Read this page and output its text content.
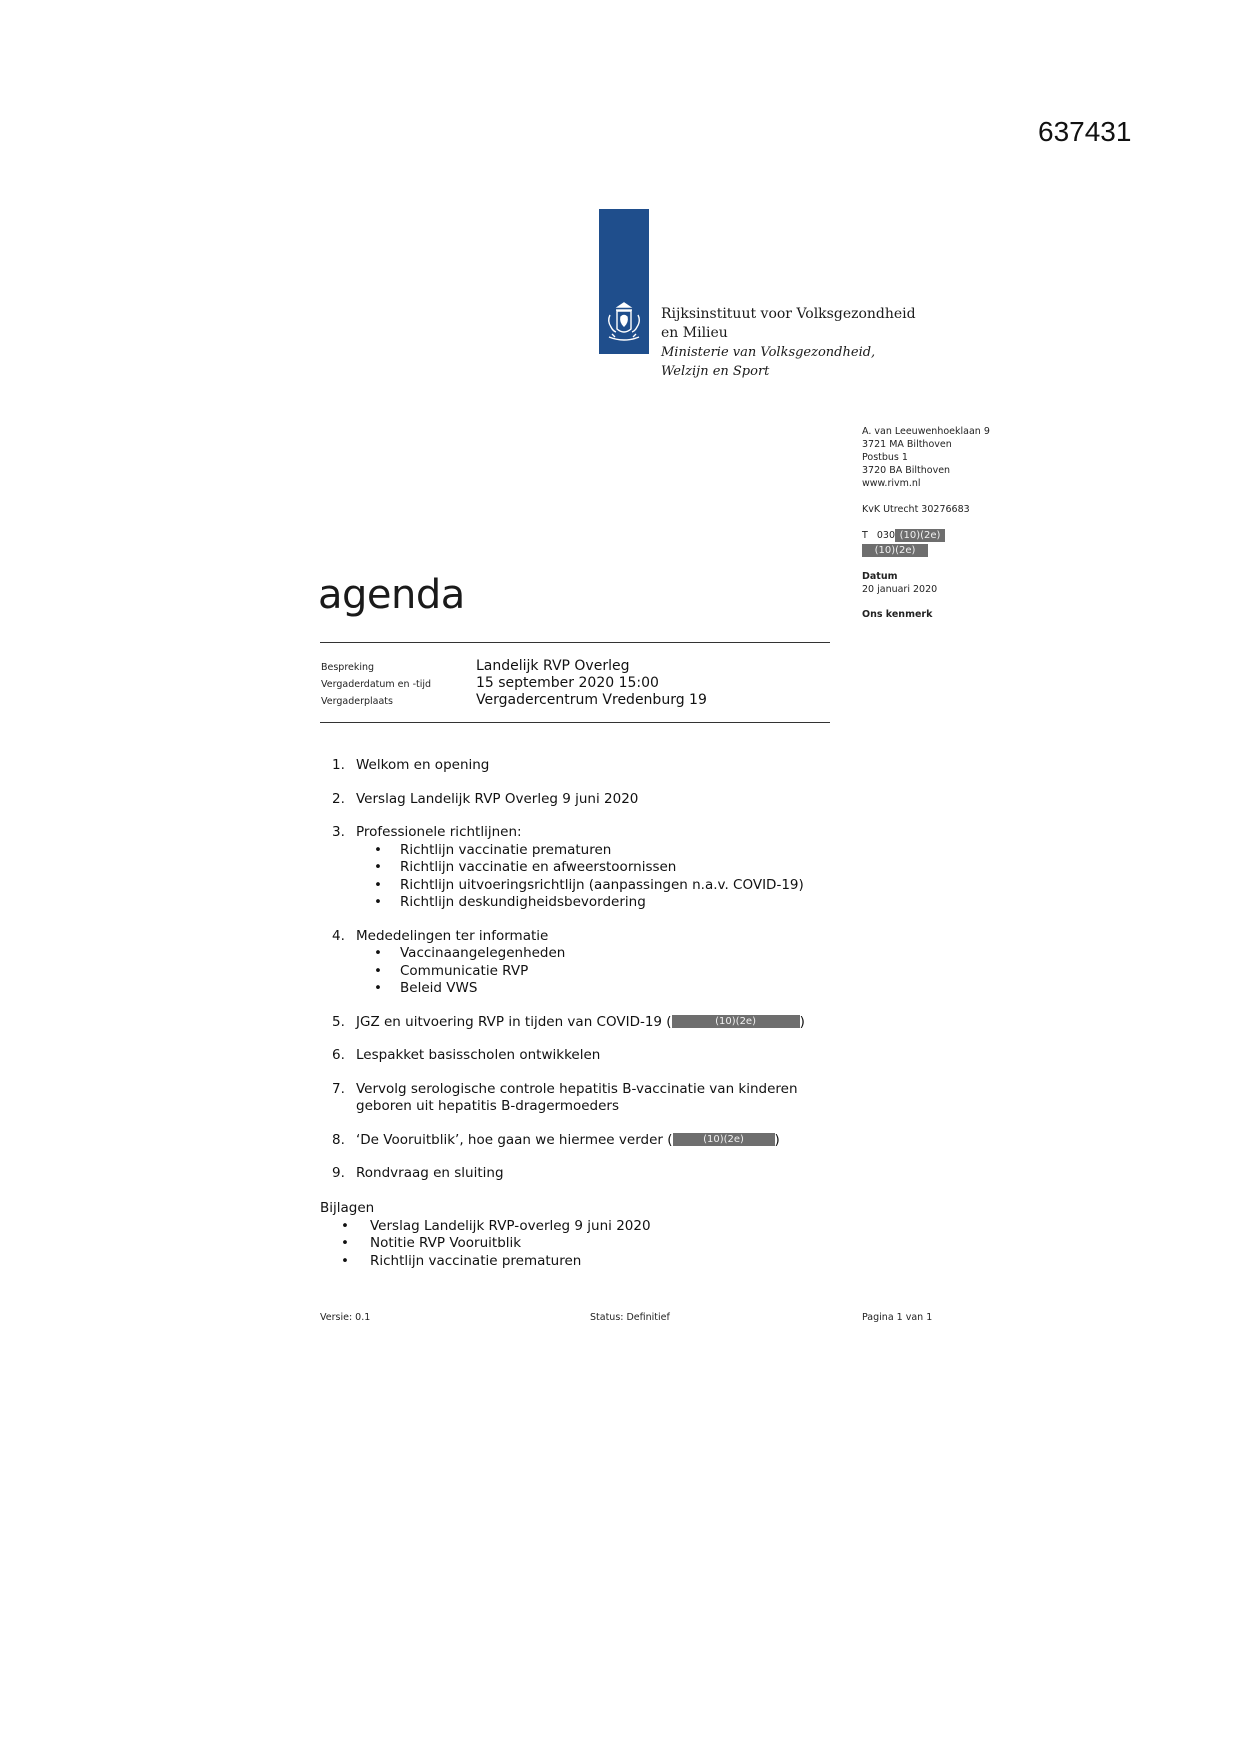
637431
Rijksinstituut voor Volksgezondheid
en Milieu
Ministerie van Volksgezondheid,
Welzijn en Sport
A. van Leeuwenhoeklaan 9
3721 MA Bilthoven
Postbus 1
3720 BA Bilthoven
www.rivm.nl
KvK Utrecht 30276683
T   030 (10)(2e)
(10)(2e)
Datum
20 januari 2020
Ons kenmerk
agenda
Bespreking	Landelijk RVP Overleg
Vergaderdatum en -tijd	15 september 2020 15:00
Vergaderplaats	Vergadercentrum Vredenburg 19
1. Welkom en opening
2. Verslag Landelijk RVP Overleg 9 juni 2020
3. Professionele richtlijnen:
•	Richtlijn vaccinatie prematuren
•	Richtlijn vaccinatie en afweerstoornissen
•	Richtlijn uitvoeringsrichtlijn (aanpassingen n.a.v. COVID-19)
•	Richtlijn deskundigheidsbevordering
4. Mededelingen ter informatie
•	Vaccinaangelegenheden
•	Communicatie RVP
•	Beleid VWS
5. JGZ en uitvoering RVP in tijden van COVID-19 (	(10)(2e)	)
6. Lespakket basisscholen ontwikkelen
7. Vervolg serologische controle hepatitis B-vaccinatie van kinderen
geboren uit hepatitis B-dragermoeders
8. ‘De Vooruitblik’, hoe gaan we hiermee verder (	(10)(2e) )
9. Rondvraag en sluiting
Bijlagen
•	Verslag Landelijk RVP-overleg 9 juni 2020
•	Notitie RVP Vooruitblik
•	Richtlijn vaccinatie prematuren
Versie: 0.1	Status: Definitief	Pagina 1 van 1
